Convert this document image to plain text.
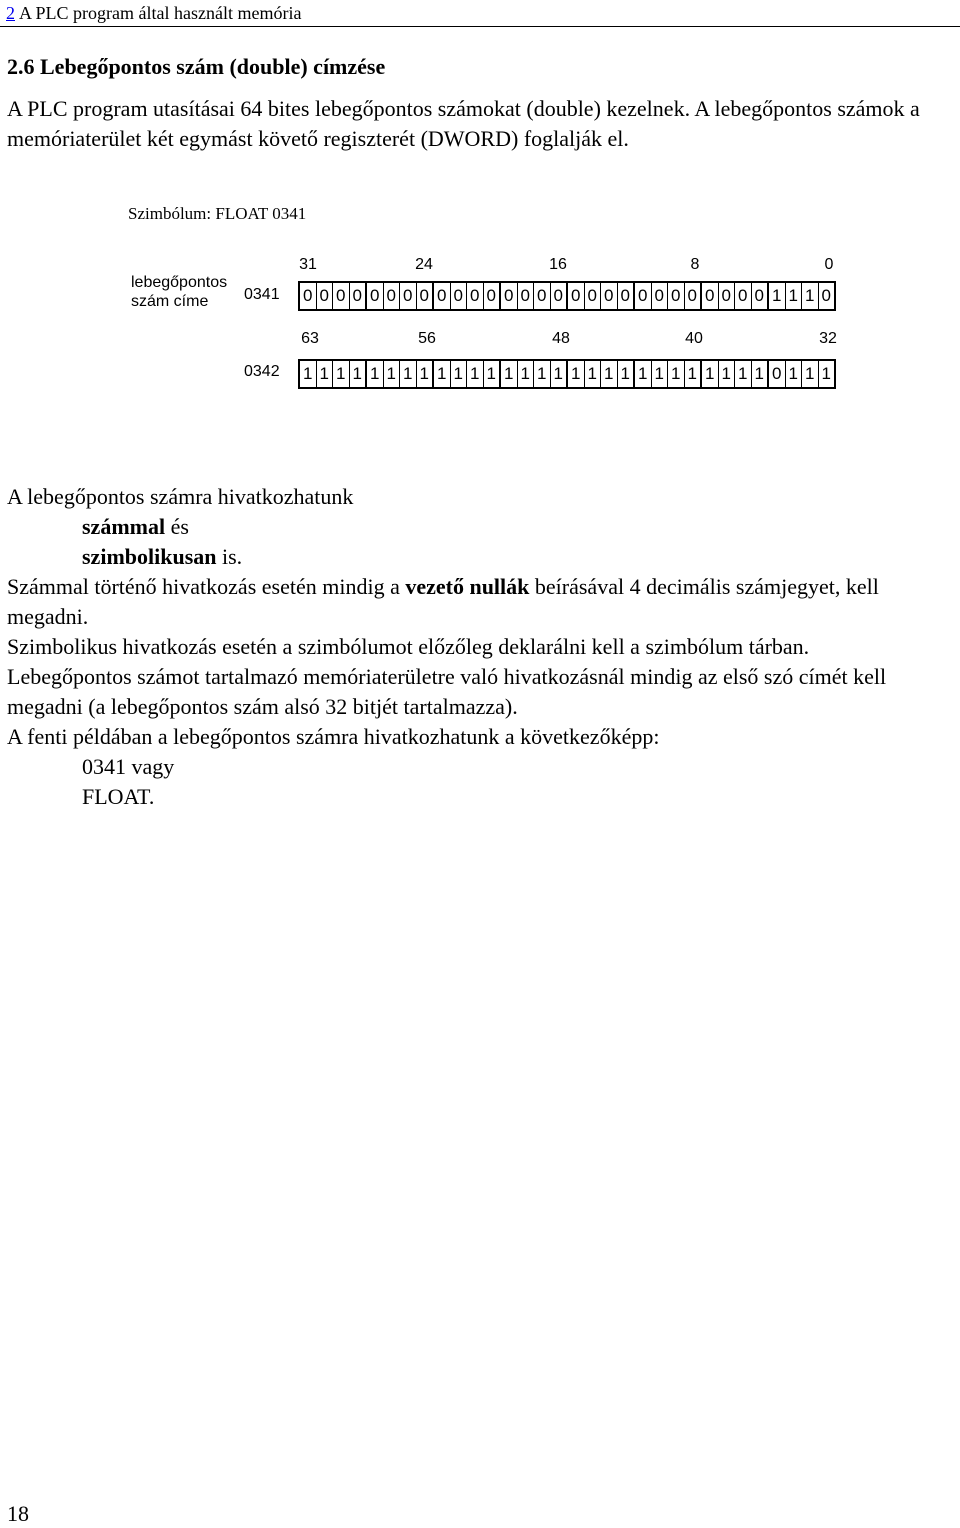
2 A PLC program által használt memória
2.6 Lebegőpontos szám (double) címzése
A PLC program utasításai 64 bites lebegőpontos számokat (double) kezelnek. A lebegőpontos számok a memóriaterület két egymást követő regiszterét (DWORD) foglalják el.
Szimbólum: FLOAT 0341
lebegőpontos
szám címe 0341
0342
31	24	16	8	0
0 0 0 0 0 0 0 0 0 0 0 0 0 0 0 0 0 0 0 0 0 0 0 0 0 0 0 0 1 1 1 0
63	56	48	40	32
1 1 1 1 1 1 1 1 1 1 1 1 1 1 1 1 1 1 1 1 1 1 1 1 1 1 1 1 0 1 1 1

A lebegőpontos számra hivatkozhatunk

számmal és

szimbolikusan is.

Számmal történő hivatkozás esetén mindig a vezető nullák beírásával 4 decimális számjegyet, kell megadni.

Szimbolikus hivatkozás esetén a szimbólumot előzőleg deklarálni kell a szimbólum tárban.

Lebegőpontos számot tartalmazó memóriaterületre való hivatkozásnál mindig az első szó címét kell megadni (a lebegőpontos szám alsó 32 bitjét tartalmazza).

A fenti példában a lebegőpontos számra hivatkozhatunk a következőképp:

0341 vagy

FLOAT.

18
